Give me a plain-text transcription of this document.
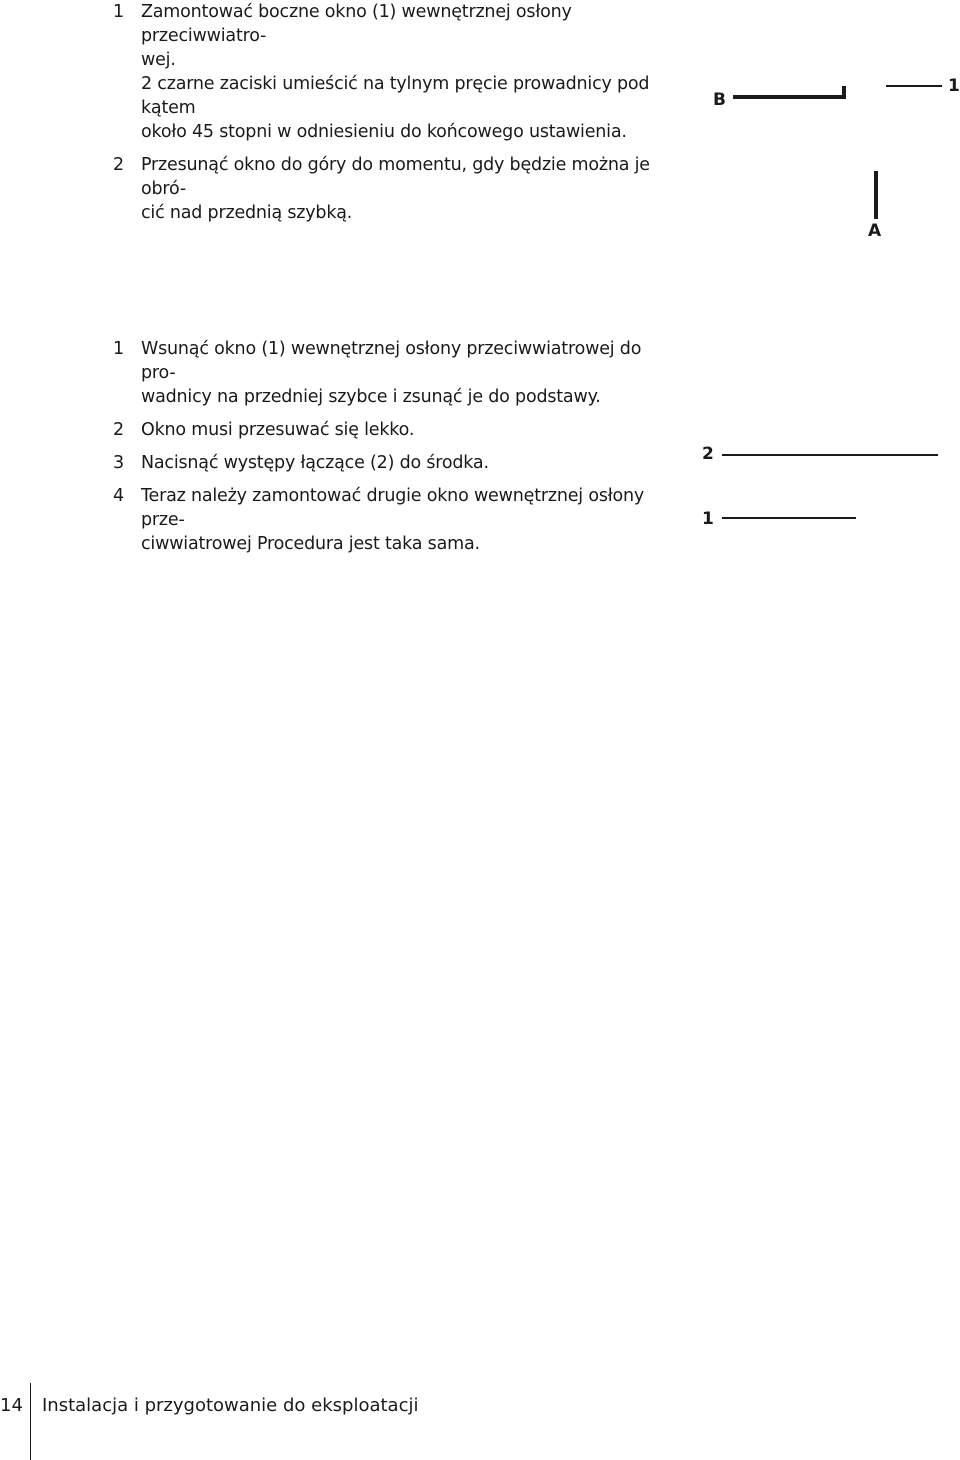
1 Zamontować boczne okno (1) wewnętrznej osłony przeciwwiatro-
wej.
2 czarne zaciski umieścić na tylnym pręcie prowadnicy pod kątem
około 45 stopni w odniesieniu do końcowego ustawienia.
2 Przesunąć okno do góry do momentu, gdy będzie można je obró-
cić nad przednią szybką.
B
1
A
1 Wsunąć okno (1) wewnętrznej osłony przeciwwiatrowej do pro-
wadnicy na przedniej szybce i zsunąć je do podstawy.
2 Okno musi przesuwać się lekko.
3 Nacisnąć występy łączące (2) do środka.
4 Teraz należy zamontować drugie okno wewnętrznej osłony prze-
ciwwiatrowej Procedura jest taka sama.
2
1
14 Instalacja i przygotowanie do eksploatacji
